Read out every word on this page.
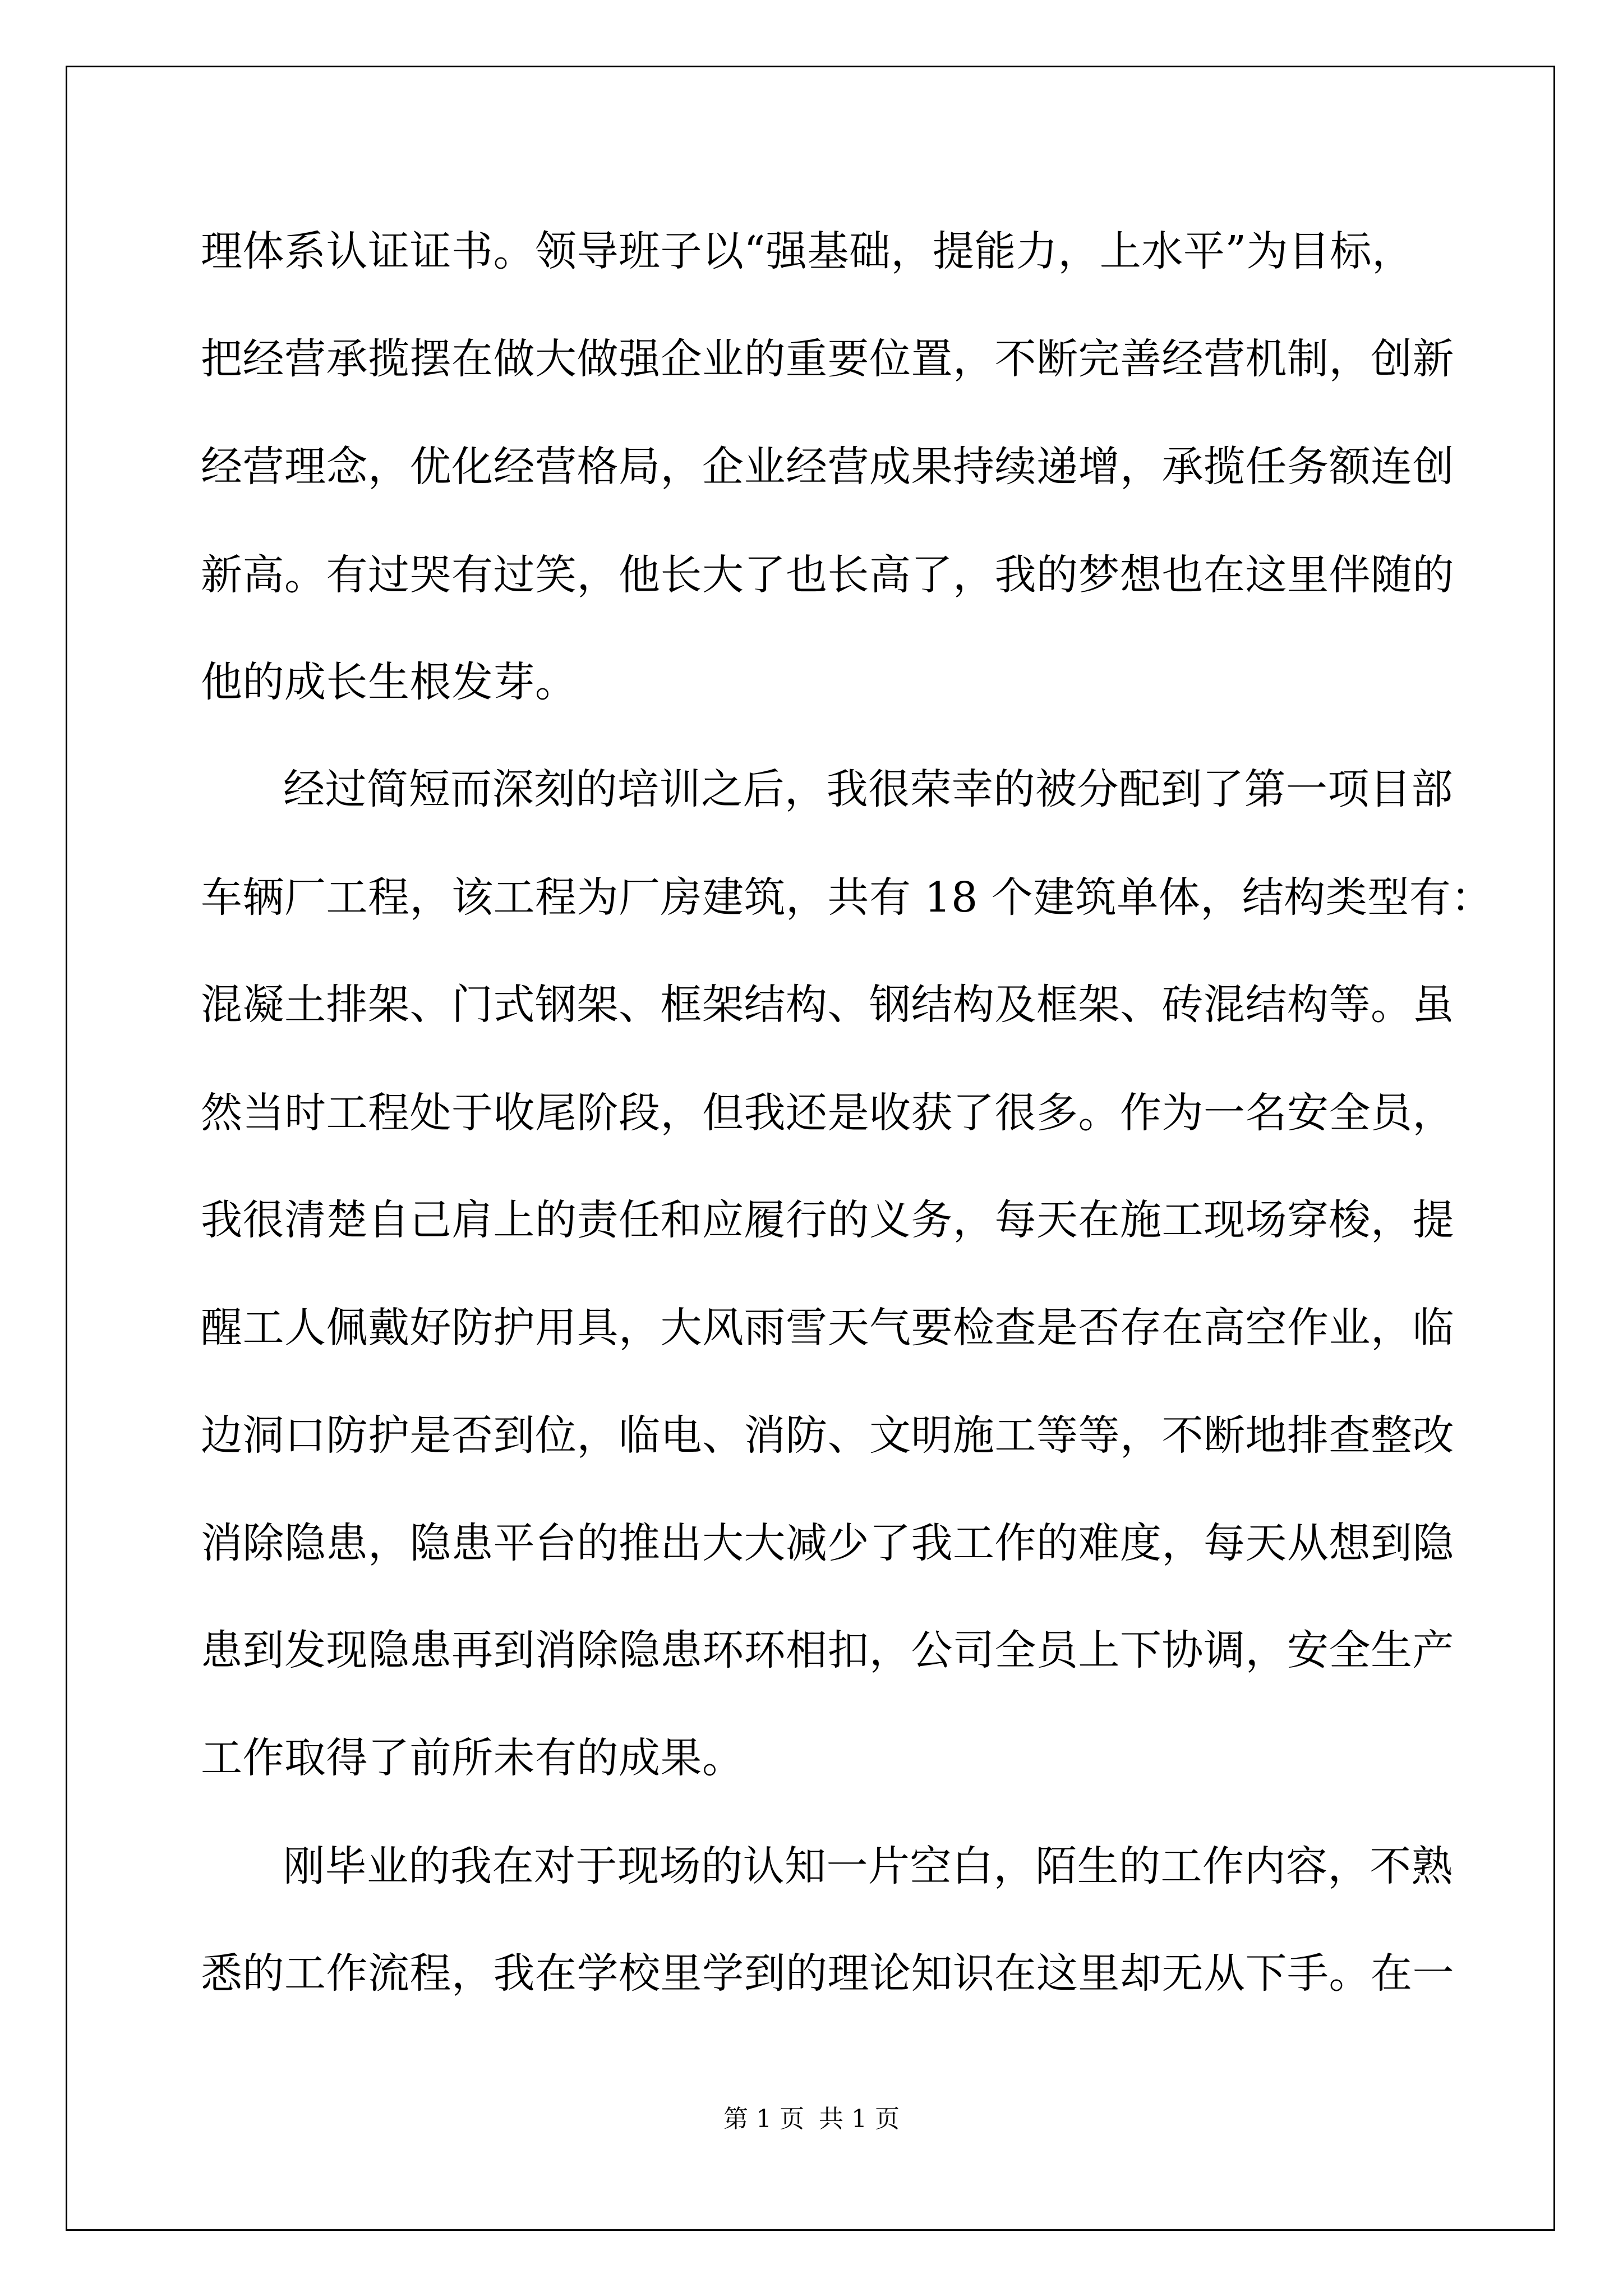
理体系认证证书。领导班子以“强基础，提能力，上水平”为目标，
把经营承揽摆在做大做强企业的重要位置，不断完善经营机制，创新
经营理念，优化经营格局，企业经营成果持续递增，承揽任务额连创
新高。有过哭有过笑，他长大了也长高了，我的梦想也在这里伴随的
他的成长生根发芽。
经过简短而深刻的培训之后，我很荣幸的被分配到了第一项目部
车辆厂工程，该工程为厂房建筑，共有 18 个建筑单体，结构类型有：
混凝土排架、门式钢架、框架结构、钢结构及框架、砖混结构等。虽
然当时工程处于收尾阶段，但我还是收获了很多。作为一名安全员，
我很清楚自己肩上的责任和应履行的义务，每天在施工现场穿梭，提
醒工人佩戴好防护用具，大风雨雪天气要检查是否存在高空作业，临
边洞口防护是否到位，临电、消防、文明施工等等，不断地排查整改
消除隐患，隐患平台的推出大大减少了我工作的难度，每天从想到隐
患到发现隐患再到消除隐患环环相扣，公司全员上下协调，安全生产
工作取得了前所未有的成果。
刚毕业的我在对于现场的认知一片空白，陌生的工作内容，不熟
悉的工作流程，我在学校里学到的理论知识在这里却无从下手。在一
第 1 页 共 1 页
